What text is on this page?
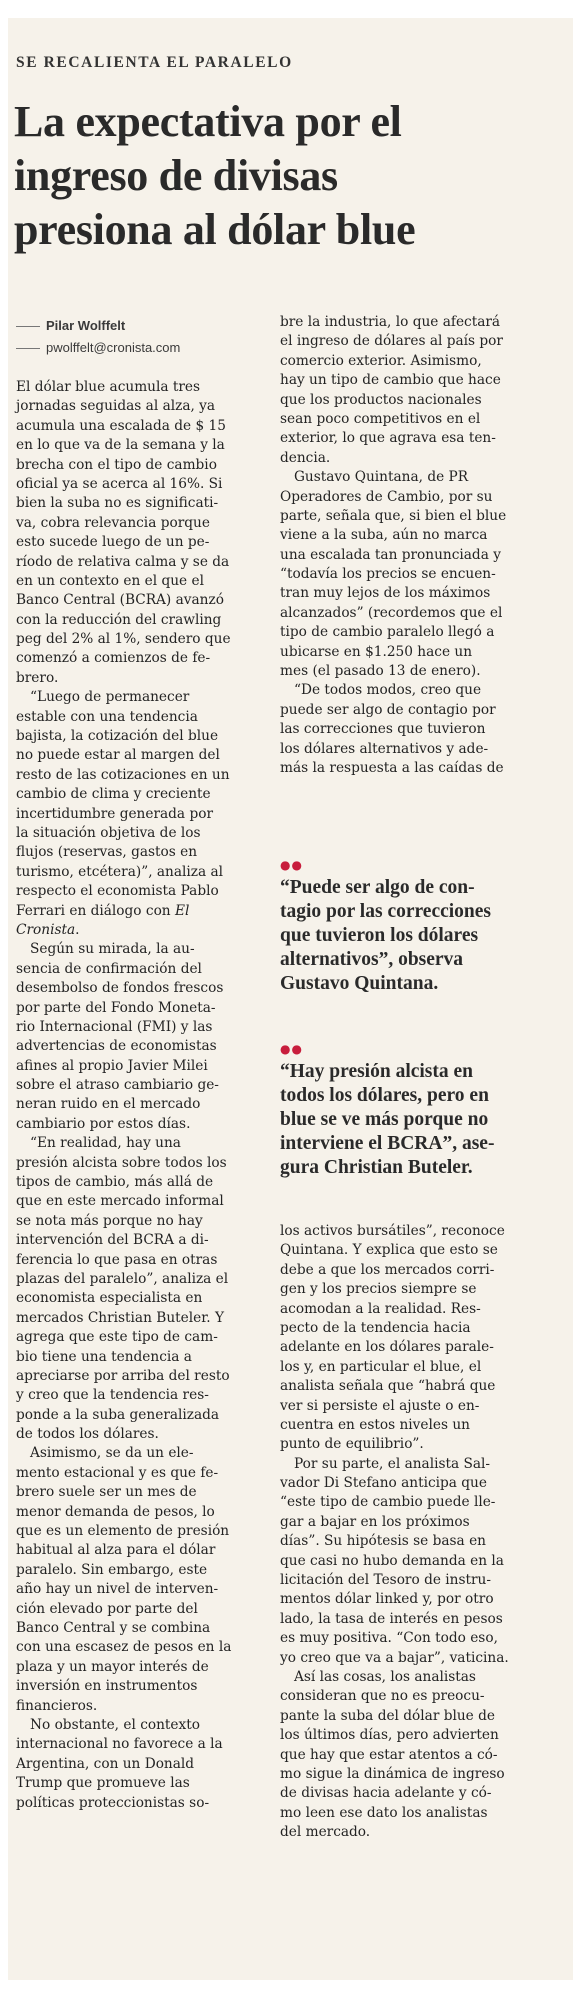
SE RECALIENTA EL PARALELO
La expectativa por el
ingreso de divisas
presiona al dólar blue
Pilar Wolffelt
pwolffelt@cronista.com
El dólar blue acumula tres
jornadas seguidas al alza, ya
acumula una escalada de $ 15
en lo que va de la semana y la
brecha con el tipo de cambio
oficial ya se acerca al 16%. Si
bien la suba no es significati-
va, cobra relevancia porque
esto sucede luego de un pe-
ríodo de relativa calma y se da
en un contexto en el que el
Banco Central (BCRA) avanzó
con la reducción del crawling
peg del 2% al 1%, sendero que
comenzó a comienzos de fe-
brero.
“Luego de permanecer
estable con una tendencia
bajista, la cotización del blue
no puede estar al margen del
resto de las cotizaciones en un
cambio de clima y creciente
incertidumbre generada por
la situación objetiva de los
flujos (reservas, gastos en
turismo, etcétera)”, analiza al
respecto el economista Pablo
Ferrari en diálogo con El
Cronista.
Según su mirada, la au-
sencia de confirmación del
desembolso de fondos frescos
por parte del Fondo Moneta-
rio Internacional (FMI) y las
advertencias de economistas
afines al propio Javier Milei
sobre el atraso cambiario ge-
neran ruido en el mercado
cambiario por estos días.
“En realidad, hay una
presión alcista sobre todos los
tipos de cambio, más allá de
que en este mercado informal
se nota más porque no hay
intervención del BCRA a di-
ferencia lo que pasa en otras
plazas del paralelo”, analiza el
economista especialista en
mercados Christian Buteler. Y
agrega que este tipo de cam-
bio tiene una tendencia a
apreciarse por arriba del resto
y creo que la tendencia res-
ponde a la suba generalizada
de todos los dólares.
Asimismo, se da un ele-
mento estacional y es que fe-
brero suele ser un mes de
menor demanda de pesos, lo
que es un elemento de presión
habitual al alza para el dólar
paralelo. Sin embargo, este
año hay un nivel de interven-
ción elevado por parte del
Banco Central y se combina
con una escasez de pesos en la
plaza y un mayor interés de
inversión en instrumentos
financieros.
No obstante, el contexto
internacional no favorece a la
Argentina, con un Donald
Trump que promueve las
políticas proteccionistas so-
bre la industria, lo que afectará
el ingreso de dólares al país por
comercio exterior. Asimismo,
hay un tipo de cambio que hace
que los productos nacionales
sean poco competitivos en el
exterior, lo que agrava esa ten-
dencia.
Gustavo Quintana, de PR
Operadores de Cambio, por su
parte, señala que, si bien el blue
viene a la suba, aún no marca
una escalada tan pronunciada y
“todavía los precios se encuen-
tran muy lejos de los máximos
alcanzados” (recordemos que el
tipo de cambio paralelo llegó a
ubicarse en $1.250 hace un
mes (el pasado 13 de enero).
“De todos modos, creo que
puede ser algo de contagio por
las correcciones que tuvieron
los dólares alternativos y ade-
más la respuesta a las caídas de
●●
“Puede ser algo de con-
tagio por las correcciones
que tuvieron los dólares
alternativos”, observa
Gustavo Quintana.
●●
“Hay presión alcista en
todos los dólares, pero en
blue se ve más porque no
interviene el BCRA”, ase-
gura Christian Buteler.
los activos bursátiles”, reconoce
Quintana. Y explica que esto se
debe a que los mercados corri-
gen y los precios siempre se
acomodan a la realidad. Res-
pecto de la tendencia hacia
adelante en los dólares parale-
los y, en particular el blue, el
analista señala que “habrá que
ver si persiste el ajuste o en-
cuentra en estos niveles un
punto de equilibrio”.
Por su parte, el analista Sal-
vador Di Stefano anticipa que
“este tipo de cambio puede lle-
gar a bajar en los próximos
días”. Su hipótesis se basa en
que casi no hubo demanda en la
licitación del Tesoro de instru-
mentos dólar linked y, por otro
lado, la tasa de interés en pesos
es muy positiva. “Con todo eso,
yo creo que va a bajar”, vaticina.
Así las cosas, los analistas
consideran que no es preocu-
pante la suba del dólar blue de
los últimos días, pero advierten
que hay que estar atentos a có-
mo sigue la dinámica de ingreso
de divisas hacia adelante y có-
mo leen ese dato los analistas
del mercado.
